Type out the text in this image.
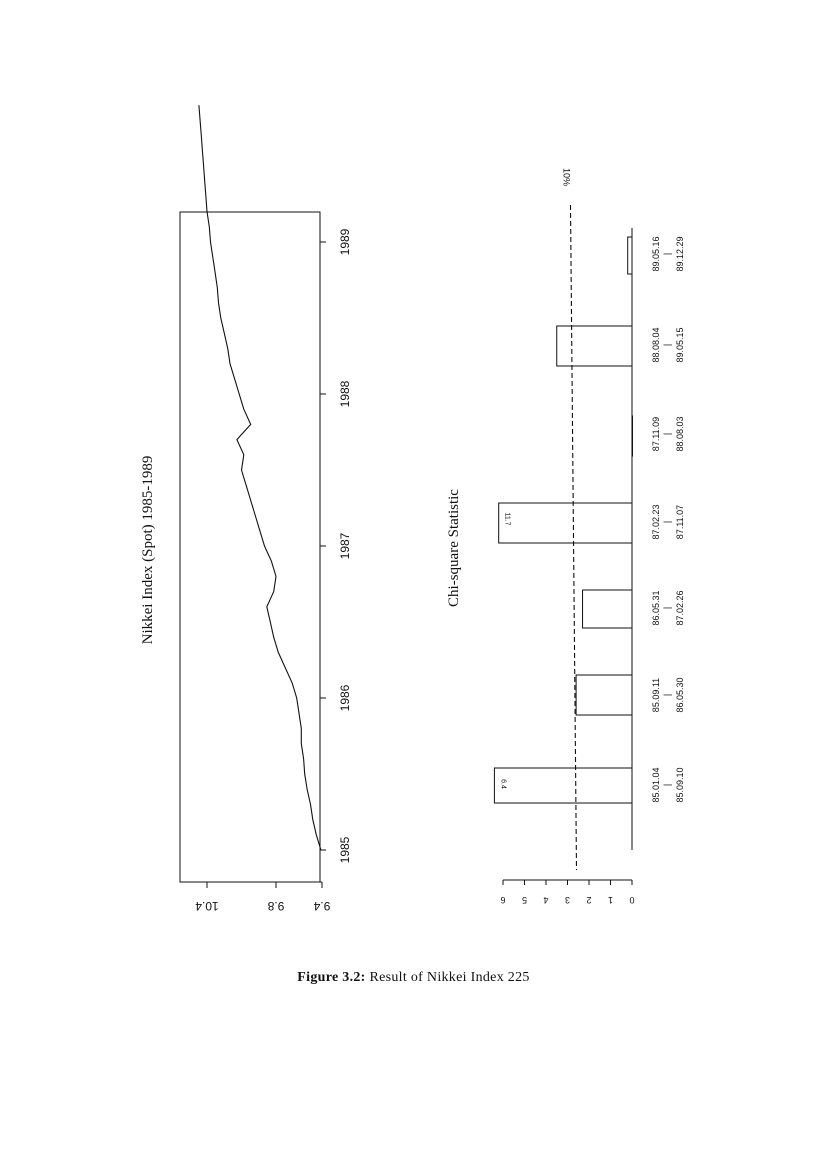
1985
1986
1987
1988
1989
9.4
9.8
10.4
Nikkei Index (Spot) 1985-1989
6.4
11.7
10%
0
1
2
3
4
5
6
85.01.04 | 85.09.10
85.09.11 | 86.05.30
86.05.31 | 87.02.26
87.02.23 | 87.11.07
87.11.09 | 88.08.03
88.08.04 | 89.05.15
89.05.16 | 89.12.29
Chi-square Statistic
Figure 3.2: Result of Nikkei Index 225
